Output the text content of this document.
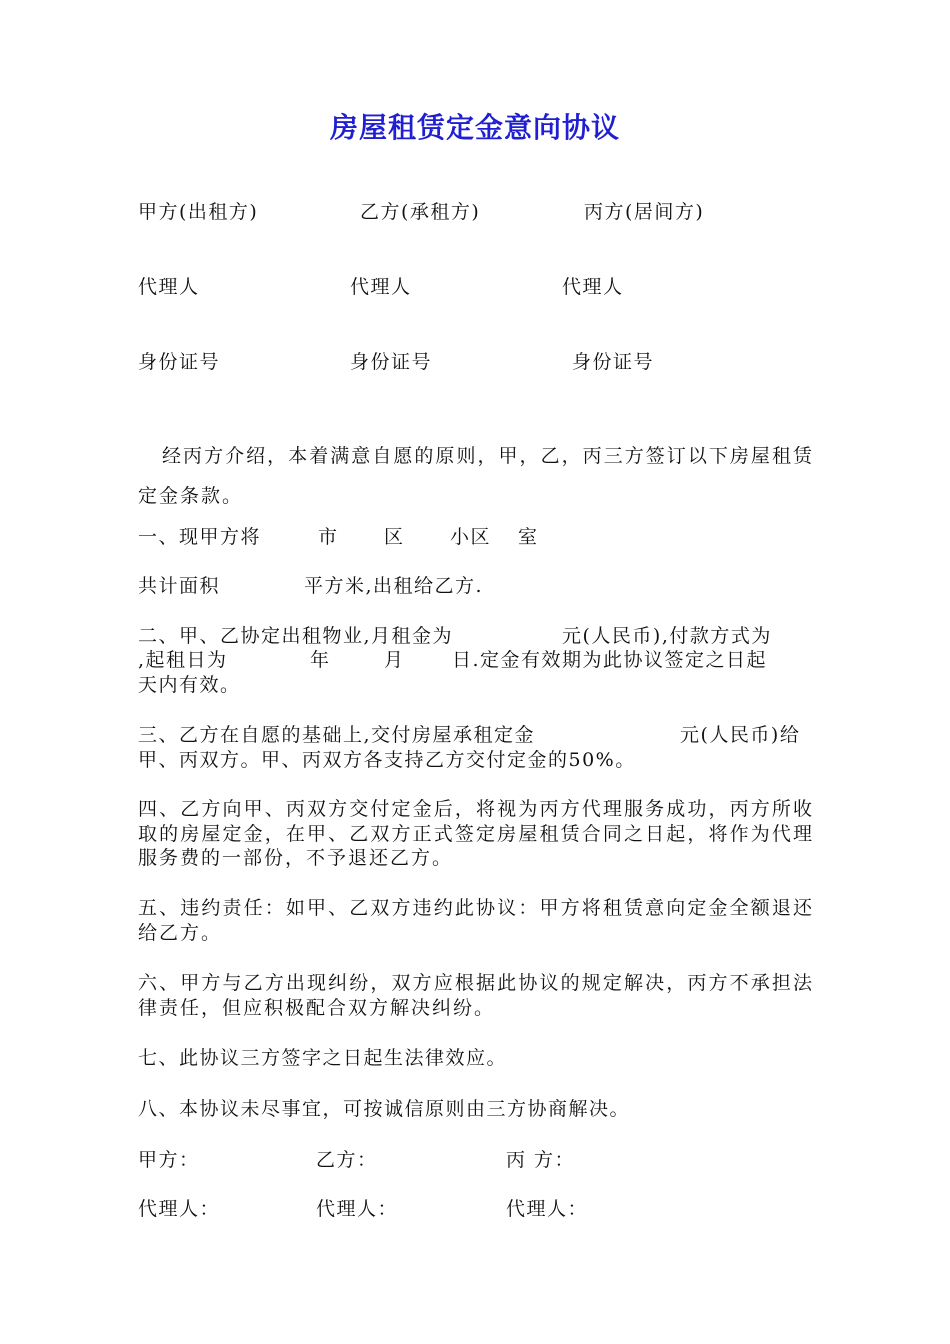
房屋租赁定金意向协议
甲方(出租方)	乙方(承租方)	丙方(居间方)
代理人	代理人	代理人
身份证号	身份证号	身份证号
经丙方介绍，本着满意自愿的原则，甲，乙，丙三方签订以下房屋租赁定金条款。
一、现甲方将	市 区 小区 室
共计面积	平方米,出租给乙方.
二、甲、乙协定出租物业,月租金为	元(人民币),付款方式为
,起租日为	年	月 日.定金有效期为此协议签定之日起
天内有效。
三、乙方在自愿的基础上,交付房屋承租定金	元(人民币)给
甲、丙双方。甲、丙双方各支持乙方交付定金的50%。
四、乙方向甲、丙双方交付定金后，将视为丙方代理服务成功，丙方所收取的房屋定金，在甲、乙双方正式签定房屋租赁合同之日起，将作为代理服务费的一部份，不予退还乙方。
五、违约责任：如甲、乙双方违约此协议：甲方将租赁意向定金全额退还给乙方。
六、甲方与乙方出现纠纷，双方应根据此协议的规定解决，丙方不承担法律责任，但应积极配合双方解决纠纷。
七、此协议三方签字之日起生法律效应。
八、本协议未尽事宜，可按诚信原则由三方协商解决。
甲方：	乙方：	丙 方：
代理人：	代理人：	代理人：
